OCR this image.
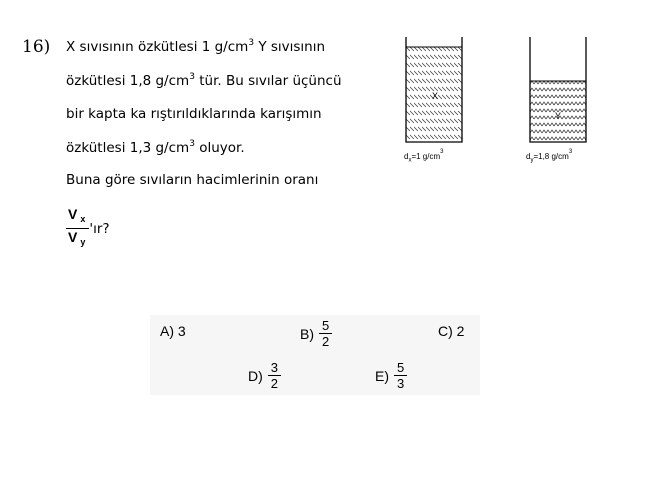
16) X sıvısının özkütlesi 1 $g/cm^3$ Y sıvısının
özkütlesi 1,8 $g/cm^3$ tür. Bu sıvılar üçüncü
bir kapta ka rıştırıldıklarında karışımın
özkütlesi 1,3 $g/cm^3$ oluyor.
Buna göre sıvıların hacimlerinin oranı
$\frac{V _x}{V _y}$ 'ır?
X
Y
$d_x=1$ $g/cm^3$	$d_y=1,8$ $g/cm^3$
A) 3	$B) \frac{5}{2}$	C) 2
$D) \frac{3}{2}$	$E) \frac{5}{3}$
